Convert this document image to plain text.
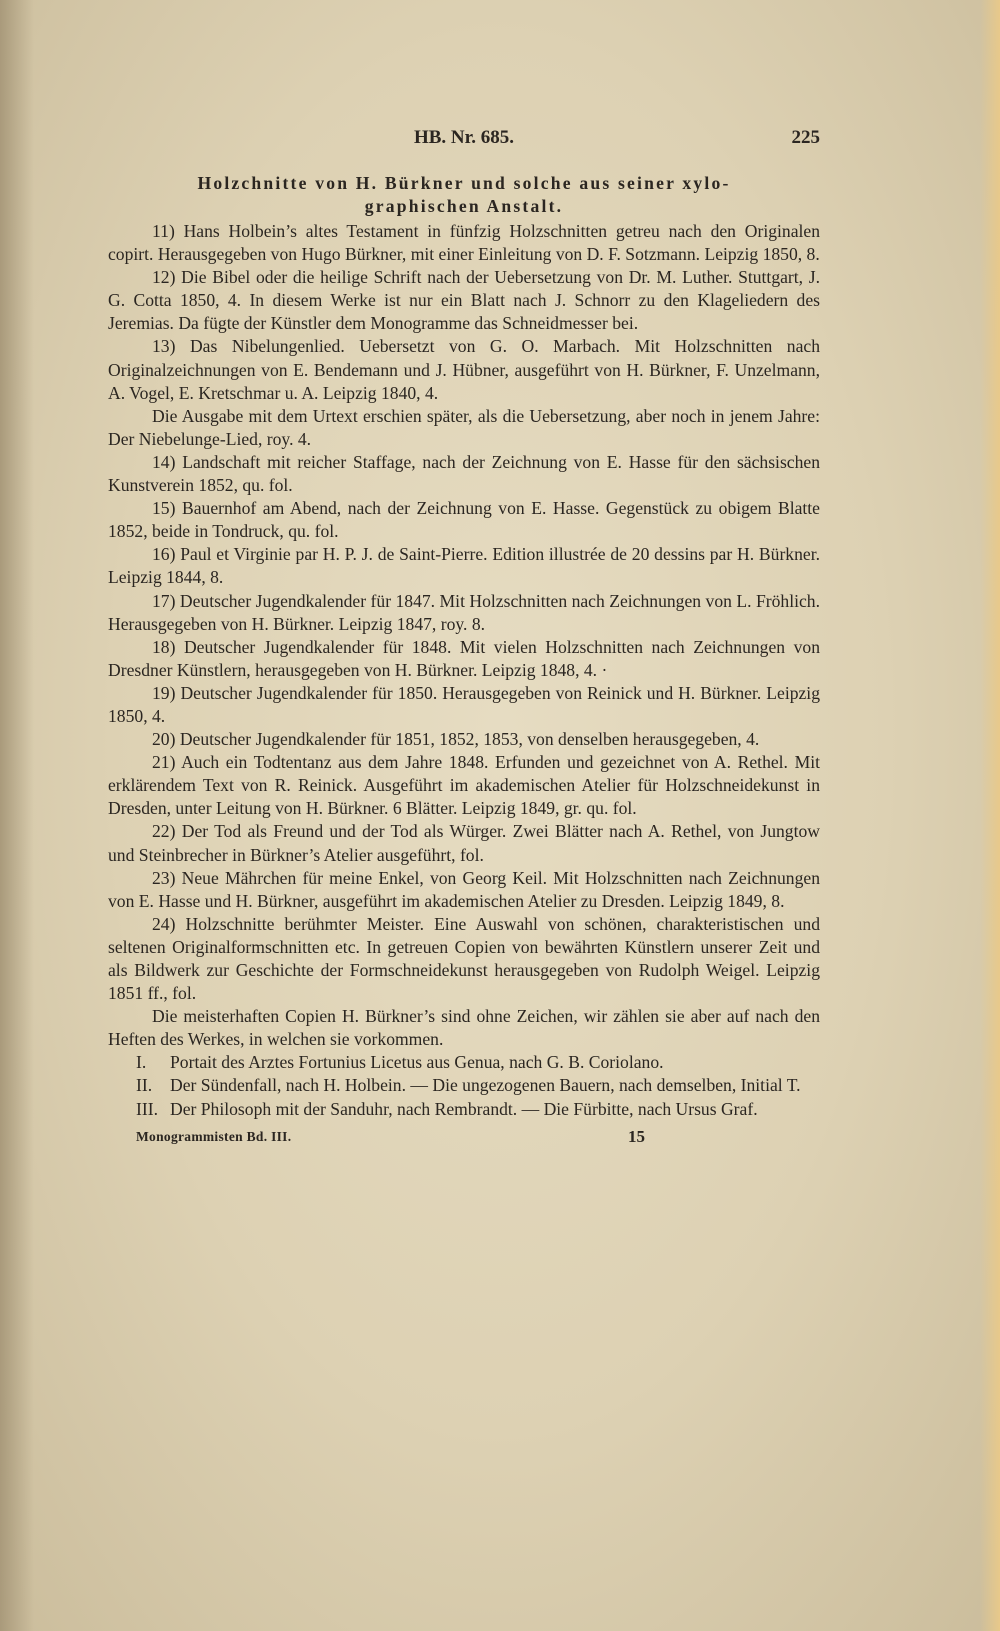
HB. Nr. 685.	225
Holzchnitte von H. Bürkner und solche aus seiner xylo-
graphischen Anstalt.

11) Hans Holbein’s altes Testament in fünfzig Holzschnitten getreu nach den Originalen copirt. Herausgegeben von Hugo Bürkner, mit einer Einleitung von D. F. Sotzmann. Leipzig 1850, 8.

12) Die Bibel oder die heilige Schrift nach der Uebersetzung von Dr. M. Luther. Stuttgart, J. G. Cotta 1850, 4. In diesem Werke ist nur ein Blatt nach J. Schnorr zu den Klageliedern des Jeremias. Da fügte der Künstler dem Monogramme das Schneidmesser bei.

13) Das Nibelungenlied. Uebersetzt von G. O. Marbach. Mit Holzschnitten nach Originalzeichnungen von E. Bendemann und J. Hübner, ausgeführt von H. Bürkner, F. Unzelmann, A. Vogel, E. Kretschmar u. A. Leipzig 1840, 4.

Die Ausgabe mit dem Urtext erschien später, als die Uebersetzung, aber noch in jenem Jahre: Der Niebelunge-Lied, roy. 4.

14) Landschaft mit reicher Staffage, nach der Zeichnung von E. Hasse für den sächsischen Kunstverein 1852, qu. fol.

15) Bauernhof am Abend, nach der Zeichnung von E. Hasse. Gegenstück zu obigem Blatte 1852, beide in Tondruck, qu. fol.

16) Paul et Virginie par H. P. J. de Saint-Pierre. Edition illustrée de 20 dessins par H. Bürkner. Leipzig 1844, 8.

17) Deutscher Jugendkalender für 1847. Mit Holzschnitten nach Zeichnungen von L. Fröhlich. Herausgegeben von H. Bürkner. Leipzig 1847, roy. 8.

18) Deutscher Jugendkalender für 1848. Mit vielen Holzschnitten nach Zeichnungen von Dresdner Künstlern, herausgegeben von H. Bürkner. Leipzig 1848, 4. ·

19) Deutscher Jugendkalender für 1850. Herausgegeben von Reinick und H. Bürkner. Leipzig 1850, 4.

20) Deutscher Jugendkalender für 1851, 1852, 1853, von denselben herausgegeben, 4.

21) Auch ein Todtentanz aus dem Jahre 1848. Erfunden und gezeichnet von A. Rethel. Mit erklärendem Text von R. Reinick. Ausgeführt im akademischen Atelier für Holzschneidekunst in Dresden, unter Leitung von H. Bürkner. 6 Blätter. Leipzig 1849, gr. qu. fol.

22) Der Tod als Freund und der Tod als Würger. Zwei Blätter nach A. Rethel, von Jungtow und Steinbrecher in Bürkner’s Atelier ausgeführt, fol.

23) Neue Mährchen für meine Enkel, von Georg Keil. Mit Holzschnitten nach Zeichnungen von E. Hasse und H. Bürkner, ausgeführt im akademischen Atelier zu Dresden. Leipzig 1849, 8.

24) Holzschnitte berühmter Meister. Eine Auswahl von schönen, charakteristischen und seltenen Originalformschnitten etc. In getreuen Copien von bewährten Künstlern unserer Zeit und als Bildwerk zur Geschichte der Formschneidekunst herausgegeben von Rudolph Weigel. Leipzig 1851 ff., fol.

Die meisterhaften Copien H. Bürkner’s sind ohne Zeichen, wir zählen sie aber auf nach den Heften des Werkes, in welchen sie vorkommen.

I.	Portait des Arztes Fortunius Licetus aus Genua, nach G. B. Coriolano.
II.	Der Sündenfall, nach H. Holbein. — Die ungezogenen Bauern, nach demselben, Initial T.
III. Der Philosoph mit der Sanduhr, nach Rembrandt. — Die Fürbitte, nach Ursus Graf.
Monogrammisten Bd. III.	15
